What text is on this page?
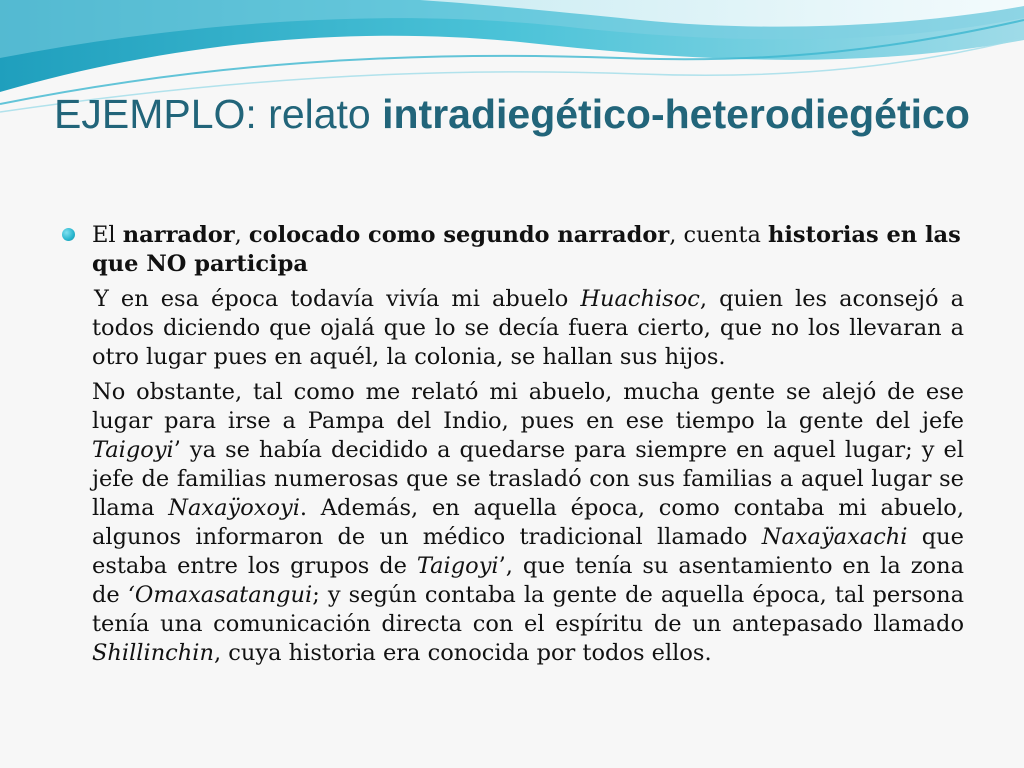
EJEMPLO: relato intradiegético-heterodiegético
El narrador, colocado como segundo narrador, cuenta historias en las que NO participa

Y en esa época todavía vivía mi abuelo Huachisoc, quien les aconsejó a todos diciendo que ojalá que lo se decía fuera cierto, que no los llevaran a otro lugar pues en aquél, la colonia, se hallan sus hijos.

No obstante, tal como me relató mi abuelo, mucha gente se alejó de ese lugar para irse a Pampa del Indio, pues en ese tiempo la gente del jefe Taigoyi’ ya se había decidido a quedarse para siempre en aquel lugar; y el jefe de familias numerosas que se trasladó con sus familias a aquel lugar se llama Naxaÿoxoyi. Además, en aquella época, como contaba mi abuelo, algunos informaron de un médico tradicional llamado Naxaÿaxachi que estaba entre los grupos de Taigoyi’, que tenía su asentamiento en la zona de ‘Omaxasatangui; y según contaba la gente de aquella época, tal persona tenía una comunicación directa con el espíritu de un antepasado llamado Shillinchin, cuya historia era conocida por todos ellos.
